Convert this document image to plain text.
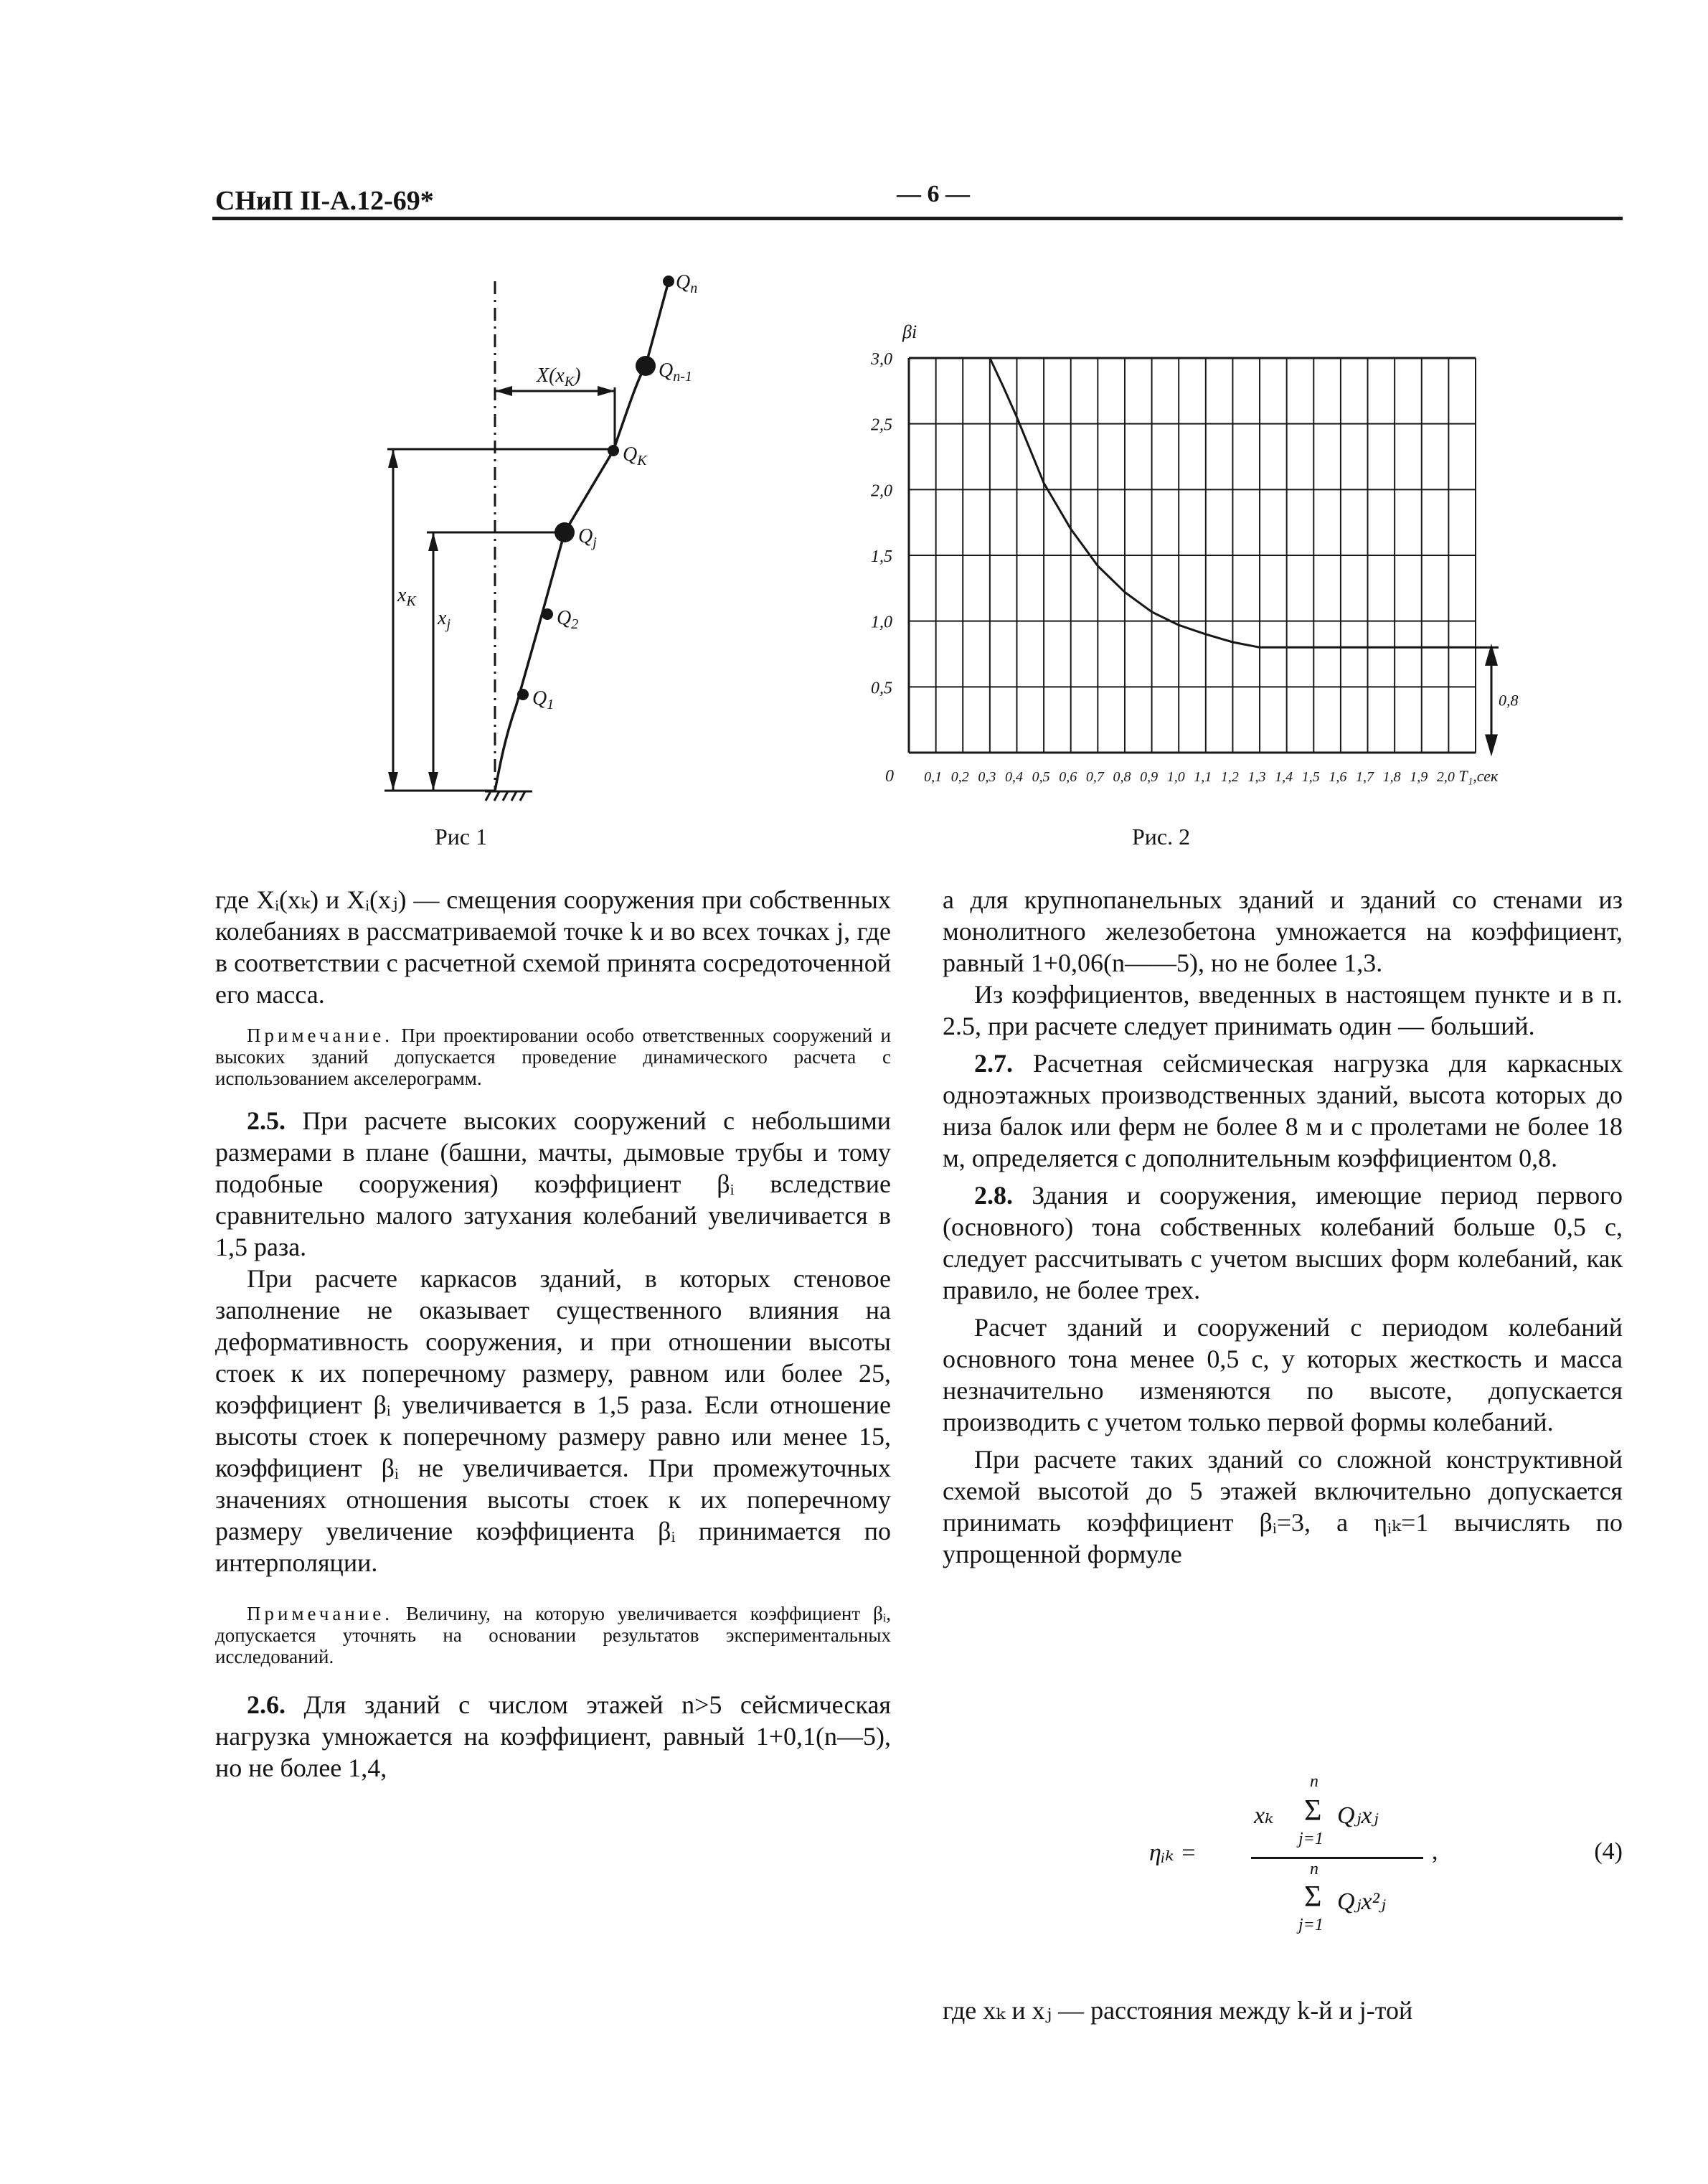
СНиП II-А.12-69*	— 6 —
$Q_n$
$Q_{n-1}$
$Q_K$
$Q_j$
$Q_2$
$Q_1$
$x_K$
$x_j$
$X(x_K)$
Рис 1
0
0,5
1,0
1,5
2,0
2,5
3,0
0,1 0,2 0,3 0,4 0,5 0,6 0,7 0,8 0,9 1,0 1,1 1,2 1,3 1,4 1,5 1,6 1,7 1,8 1,9 2,0
βi
T₁,сек
0,8
Рис. 2

где Xᵢ(xₖ) и Xᵢ(xⱼ) — смещения сооружения при собственных колебаниях в рассматриваемой точке k и во всех точках j, где в соответствии с расчетной схемой принята сосредоточенной его масса.

Примечание. При проектировании особо ответственных сооружений и высоких зданий допускается проведение динамического расчета с использованием акселерограмм.

2.5. При расчете высоких сооружений с небольшими размерами в плане (башни, мачты, дымовые трубы и тому подобные сооружения) коэффициент βᵢ вследствие сравнительно малого затухания колебаний увеличивается в 1,5 раза.

При расчете каркасов зданий, в которых стеновое заполнение не оказывает существенного влияния на деформативность сооружения, и при отношении высоты стоек к их поперечному размеру, равном или более 25, коэффициент βᵢ увеличивается в 1,5 раза. Если отношение высоты стоек к поперечному размеру равно или менее 15, коэффициент βᵢ не увеличивается. При промежуточных значениях отношения высоты стоек к их поперечному размеру увеличение коэффициента βᵢ принимается по интерполяции.

Примечание. Величину, на которую увеличивается коэффициент βᵢ, допускается уточнять на основании результатов экспериментальных исследований.

2.6. Для зданий с числом этажей n>5 сейсмическая нагрузка умножается на коэффициент, равный 1+0,1(n—5), но не более 1,4,

а для крупнопанельных зданий и зданий со стенами из монолитного железобетона умножается на коэффициент, равный 1+0,06(n——5), но не более 1,3.

Из коэффициентов, введенных в настоящем пункте и в п. 2.5, при расчете следует принимать один — больший.

2.7. Расчетная сейсмическая нагрузка для каркасных одноэтажных производственных зданий, высота которых до низа балок или ферм не более 8 м и с пролетами не более 18 м, определяется с дополнительным коэффициентом 0,8.

2.8. Здания и сооружения, имеющие период первого (основного) тона собственных колебаний больше 0,5 с, следует рассчитывать с учетом высших форм колебаний, как правило, не более трех.

Расчет зданий и сооружений с периодом колебаний основного тона менее 0,5 с, у которых жесткость и масса незначительно изменяются по высоте, допускается производить с учетом только первой формы колебаний.

При расчете таких зданий со сложной конструктивной схемой высотой до 5 этажей включительно допускается принимать коэффициент βᵢ=3, а ηᵢₖ=1 вычислять по упрощенной формуле

ηᵢₖ =
xₖ
n
Σ
j=1
Qⱼxⱼ
n
Σ
j=1
Qⱼx²ⱼ
,	(4)

где xₖ и xⱼ — расстояния между k-й и j-той
